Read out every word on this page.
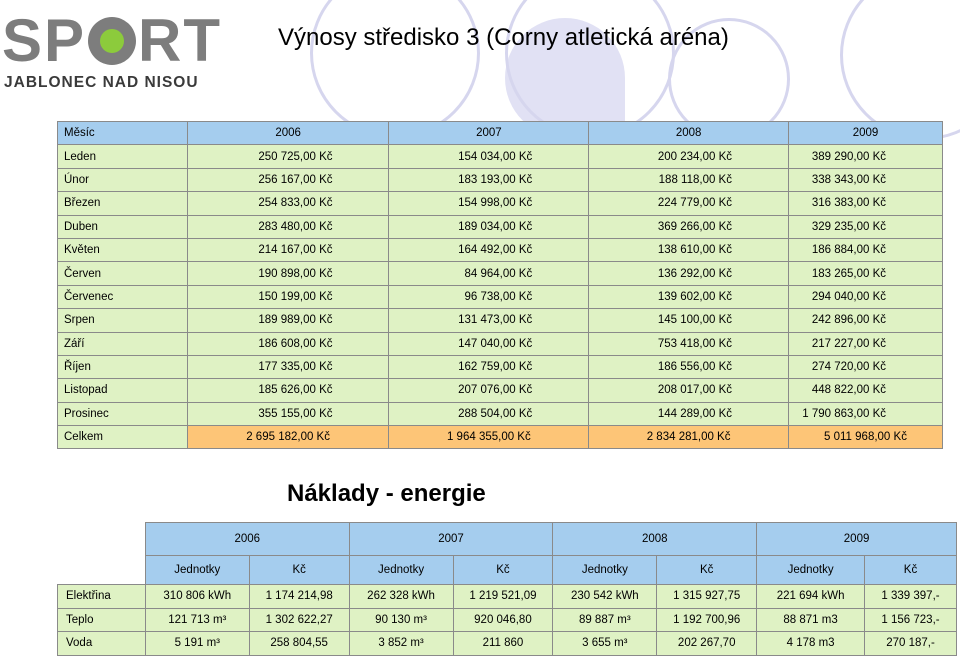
SP RT
JABLONEC NAD NISOU
Výnosy středisko 3 (Corny atletická aréna)
Měsíc	2006	2007	2008	2009
Leden	250 725,00 Kč	154 034,00 Kč	200 234,00 Kč	389 290,00 Kč
Únor	256 167,00 Kč	183 193,00 Kč	188 118,00 Kč	338 343,00 Kč
Březen	254 833,00 Kč	154 998,00 Kč	224 779,00 Kč	316 383,00 Kč
Duben	283 480,00 Kč	189 034,00 Kč	369 266,00 Kč	329 235,00 Kč
Květen	214 167,00 Kč	164 492,00 Kč	138 610,00 Kč	186 884,00 Kč
Červen	190 898,00 Kč	84 964,00 Kč	136 292,00 Kč	183 265,00 Kč
Červenec	150 199,00 Kč	96 738,00 Kč	139 602,00 Kč	294 040,00 Kč
Srpen	189 989,00 Kč	131 473,00 Kč	145 100,00 Kč	242 896,00 Kč
Září	186 608,00 Kč	147 040,00 Kč	753 418,00 Kč	217 227,00 Kč
Říjen	177 335,00 Kč	162 759,00 Kč	186 556,00 Kč	274 720,00 Kč
Listopad	185 626,00 Kč	207 076,00 Kč	208 017,00 Kč	448 822,00 Kč
Prosinec	355 155,00 Kč	288 504,00 Kč	144 289,00 Kč	1 790 863,00 Kč
Celkem	2 695 182,00 Kč	1 964 355,00 Kč	2 834 281,00 Kč	5 011 968,00 Kč
Náklady - energie
	2006		2007		2008		2009	
	Jednotky	Kč	Jednotky	Kč	Jednotky	Kč	Jednotky	Kč
Elektřina	310 806 kWh	1 174 214,98	262 328 kWh	1 219 521,09	230 542 kWh	1 315 927,75	221 694 kWh	1 339 397,-
Teplo	121 713 m³	1 302 622,27	90 130 m³	920 046,80	89 887 m³	1 192 700,96	88 871 m3	1 156 723,-
Voda	5 191 m³	258 804,55	3 852 m³	211 860	3 655 m³	202 267,70	4 178 m3	270 187,-
